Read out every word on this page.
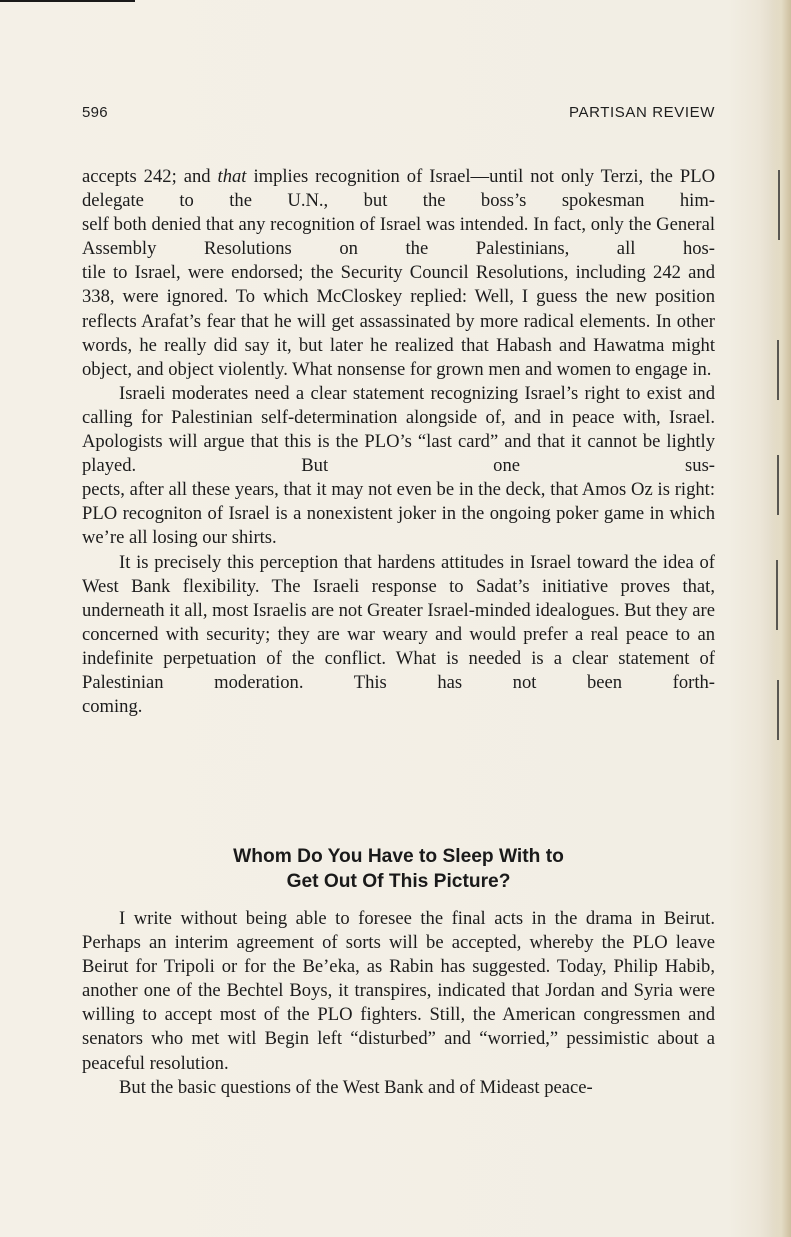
596	PARTISAN REVIEW

accepts 242; and that implies recognition of Israel—until not only Terzi, the PLO delegate to the U.N., but the boss’s spokesman him-

self both denied that any recognition of Israel was intended. In fact, only the General Assembly Resolutions on the Palestinians, all hos-

tile to Israel, were endorsed; the Security Council Resolutions, including 242 and 338, were ignored. To which McCloskey replied: Well, I guess the new position reflects Arafat’s fear that he will get assassinated by more radical elements. In other words, he really did say it, but later he realized that Habash and Hawatma might object, and object violently. What nonsense for grown men and women to engage in.

Israeli moderates need a clear statement recognizing Israel’s right to exist and calling for Palestinian self-determination alongside of, and in peace with, Israel. Apologists will argue that this is the PLO’s “last card” and that it cannot be lightly played. But one sus-

pects, after all these years, that it may not even be in the deck, that Amos Oz is right: PLO recogniton of Israel is a nonexistent joker in the ongoing poker game in which we’re all losing our shirts.

It is precisely this perception that hardens attitudes in Israel toward the idea of West Bank flexibility. The Israeli response to Sadat’s initiative proves that, underneath it all, most Israelis are not Greater Israel-minded idealogues. But they are concerned with security; they are war weary and would prefer a real peace to an indefinite perpetuation of the conflict. What is needed is a clear statement of Palestinian moderation. This has not been forth-

coming.

Whom Do You Have to Sleep With to
Get Out Of This Picture?

I write without being able to foresee the final acts in the drama in Beirut. Perhaps an interim agreement of sorts will be accepted, whereby the PLO leave Beirut for Tripoli or for the Be’eka, as Rabin has suggested. Today, Philip Habib, another one of the Bechtel Boys, it transpires, indicated that Jordan and Syria were willing to accept most of the PLO fighters. Still, the American congressmen and senators who met witl Begin left “disturbed” and “worried,” pessimistic about a peaceful resolution.

But the basic questions of the West Bank and of Mideast peace-
